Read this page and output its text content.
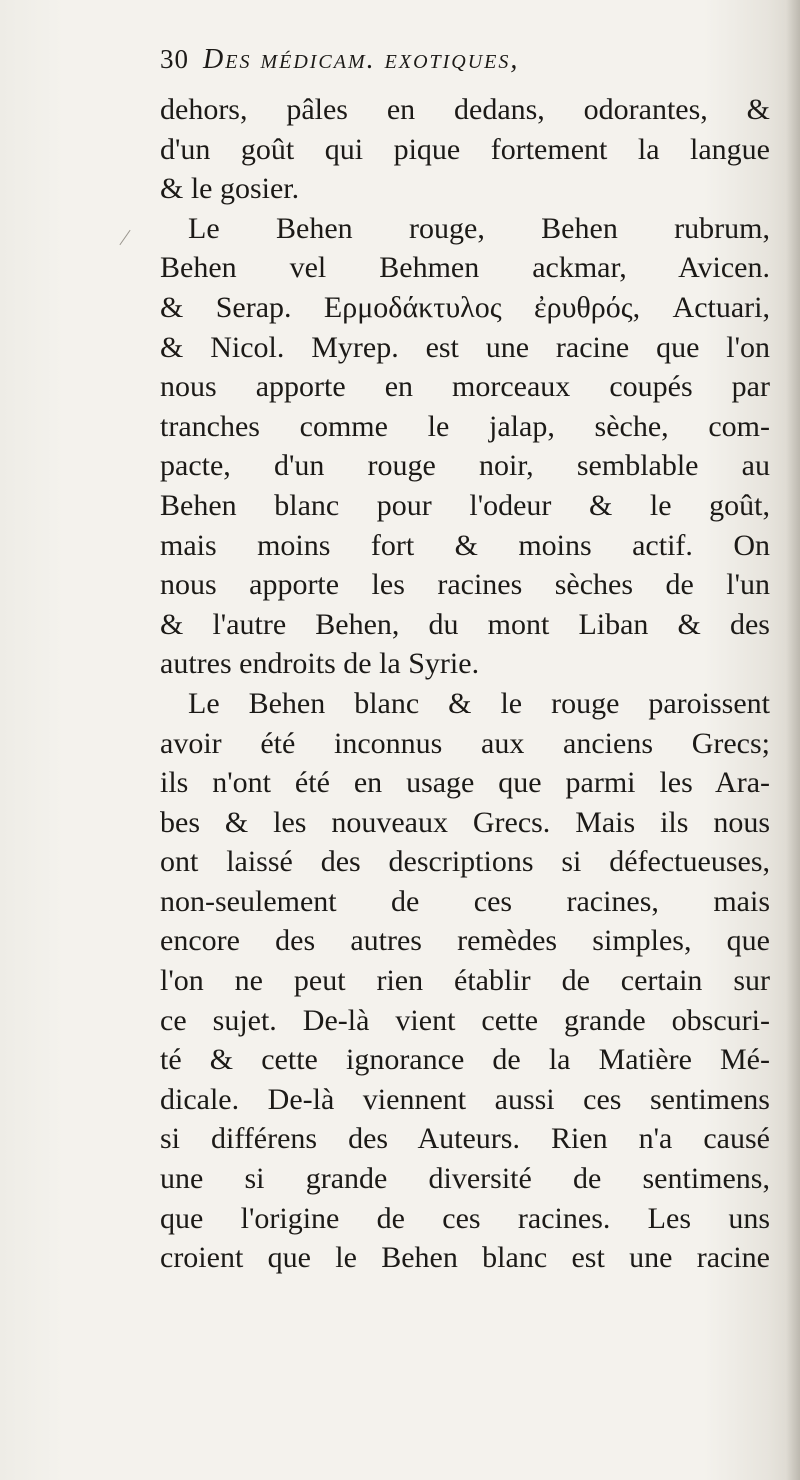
30 Des médicam. exotiques,
dehors, pâles en dedans, odorantes, &
d'un goût qui pique fortement la langue
& le gosier.
Le Behen rouge, Behen rubrum,
Behen vel Behmen ackmar, Avicen.
& Serap. Ερμοδάκτυλος ἐρυθρός, Actuari,
& Nicol. Myrep. est une racine que l'on
nous apporte en morceaux coupés par
tranches comme le jalap, sèche, com-
pacte, d'un rouge noir, semblable au
Behen blanc pour l'odeur & le goût,
mais moins fort & moins actif. On
nous apporte les racines sèches de l'un
& l'autre Behen, du mont Liban & des
autres endroits de la Syrie.
Le Behen blanc & le rouge paroissent
avoir été inconnus aux anciens Grecs;
ils n'ont été en usage que parmi les Ara-
bes & les nouveaux Grecs. Mais ils nous
ont laissé des descriptions si défectueuses,
non-seulement de ces racines, mais
encore des autres remèdes simples, que
l'on ne peut rien établir de certain sur
ce sujet. De-là vient cette grande obscuri-
té & cette ignorance de la Matière Mé-
dicale. De-là viennent aussi ces sentimens
si différens des Auteurs. Rien n'a causé
une si grande diversité de sentimens,
que l'origine de ces racines. Les uns
croient que le Behen blanc est une racine
